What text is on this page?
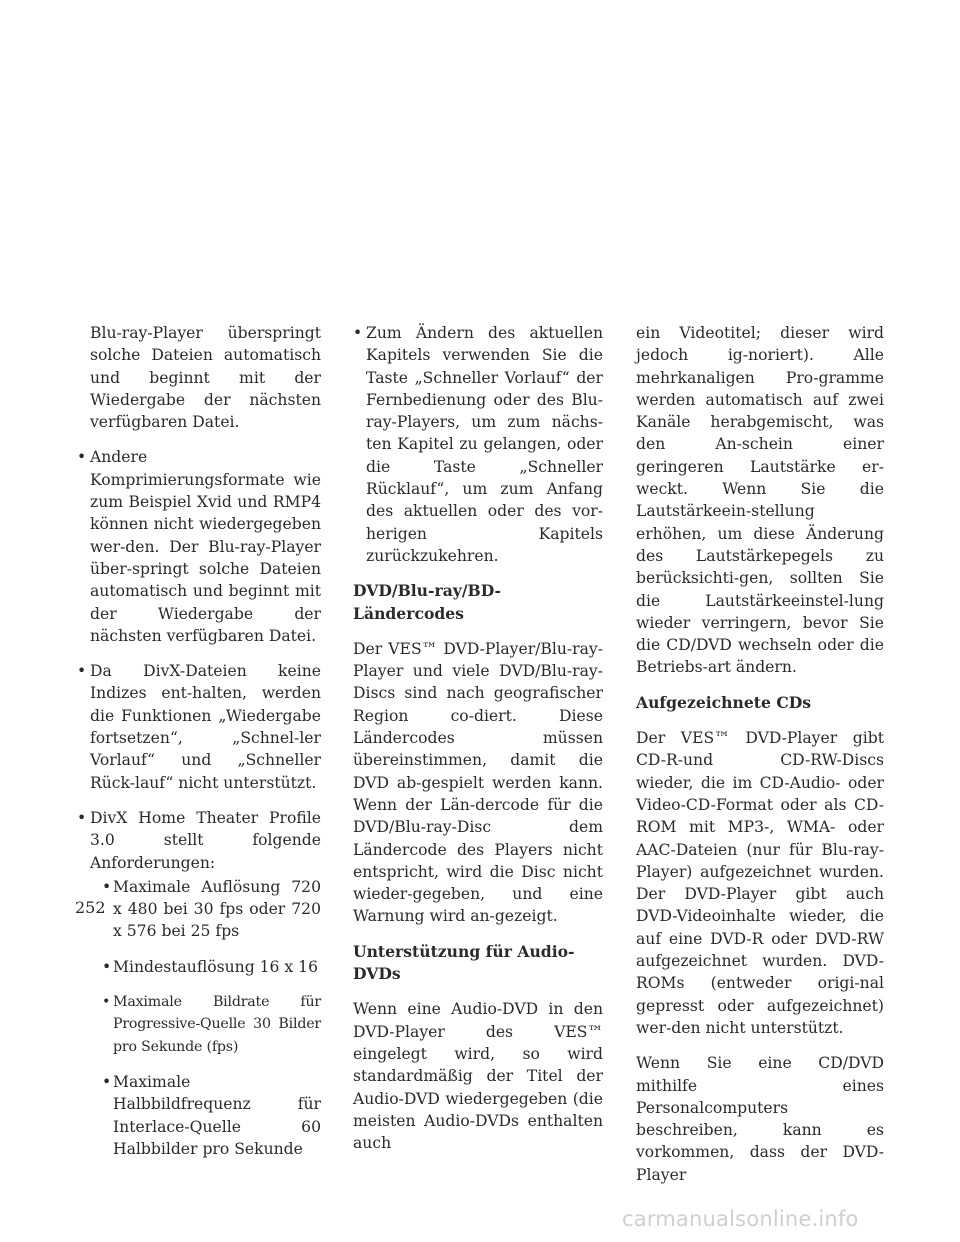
Blu-ray-Player überspringt solche Dateien automatisch und beginnt mit der Wiedergabe der nächsten verfügbaren Datei.

• Andere Komprimierungsformate wie zum Beispiel Xvid und RMP4 können nicht wiedergegeben wer-den. Der Blu-ray-Player über-springt solche Dateien automatisch und beginnt mit der Wiedergabe der nächsten verfügbaren Datei.

• Da DivX-Dateien keine Indizes ent-halten, werden die Funktionen „Wiedergabe fortsetzen“, „Schnel-ler Vorlauf“ und „Schneller Rück-lauf“ nicht unterstützt.

• DivX Home Theater Profile 3.0 stellt folgende Anforderungen:

• Maximale Auflösung 720 x 480 bei 30 fps oder 720 x 576 bei 25 fps

• Mindestauflösung 16 x 16

• Maximale Bildrate für Progressive-Quelle 30 Bilder pro Sekunde (fps)

• Maximale Halbbildfrequenz für Interlace-Quelle 60 Halbbilder pro Sekunde

• Zum Ändern des aktuellen Kapitels verwenden Sie die Taste „Schneller Vorlauf“ der Fernbedienung oder des Blu-ray-Players, um zum nächs-ten Kapitel zu gelangen, oder die Taste „Schneller Rücklauf“, um zum Anfang des aktuellen oder des vor-herigen Kapitels zurückzukehren.

DVD/Blu-ray/BD-Ländercodes

Der VES™ DVD-Player/Blu-ray-Player und viele DVD/Blu-ray-Discs sind nach geografischer Region co-diert. Diese Ländercodes müssen übereinstimmen, damit die DVD ab-gespielt werden kann. Wenn der Län-dercode für die DVD/Blu-ray-Disc dem Ländercode des Players nicht entspricht, wird die Disc nicht wieder-gegeben, und eine Warnung wird an-gezeigt.

Unterstützung für Audio-DVDs

Wenn eine Audio-DVD in den DVD-Player des VES™ eingelegt wird, so wird standardmäßig der Titel der Audio-DVD wiedergegeben (die meisten Audio-DVDs enthalten auch

ein Videotitel; dieser wird jedoch ig-noriert). Alle mehrkanaligen Pro-gramme werden automatisch auf zwei Kanäle herabgemischt, was den An-schein einer geringeren Lautstärke er-weckt. Wenn Sie die Lautstärkeein-stellung erhöhen, um diese Änderung des Lautstärkepegels zu berücksichti-gen, sollten Sie die Lautstärkeeinstel-lung wieder verringern, bevor Sie die CD/DVD wechseln oder die Betriebs-art ändern.

Aufgezeichnete CDs

Der VES™ DVD-Player gibt CD-R-und CD-RW-Discs wieder, die im CD-Audio- oder Video-CD-Format oder als CD-ROM mit MP3-, WMA- oder AAC-Dateien (nur für Blu-ray-Player) aufgezeichnet wurden. Der DVD-Player gibt auch DVD-Videoinhalte wieder, die auf eine DVD-R oder DVD-RW aufgezeichnet wurden. DVD-ROMs (entweder origi-nal gepresst oder aufgezeichnet) wer-den nicht unterstützt.

Wenn Sie eine CD/DVD mithilfe eines Personalcomputers beschreiben, kann es vorkommen, dass der DVD-Player

252
carmanualsonline.info
